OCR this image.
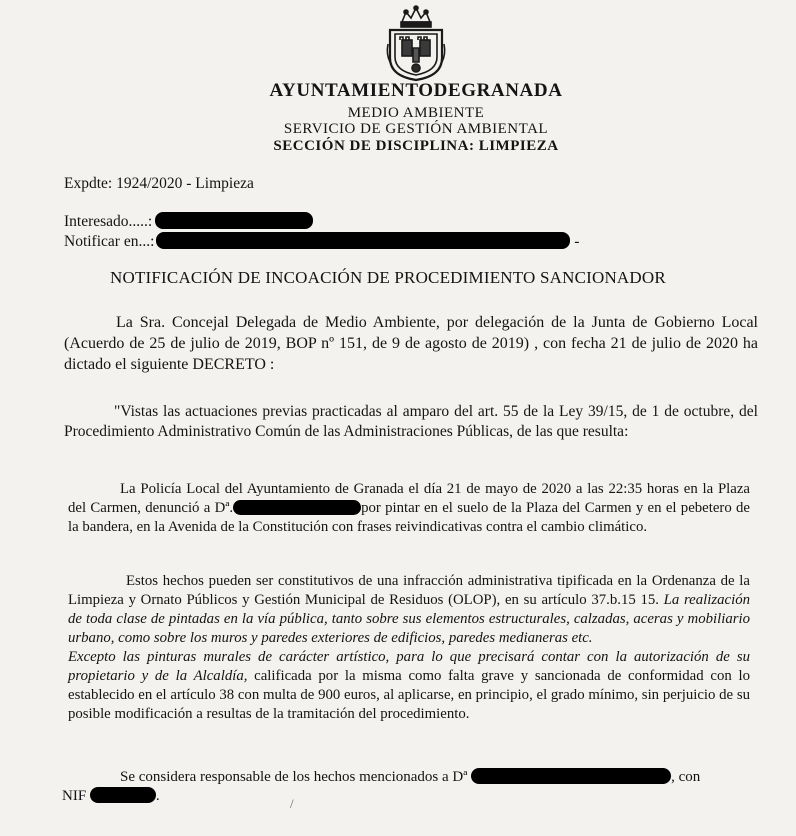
AYUNTAMIENTODEGRANADA
MEDIO AMBIENTE
SERVICIO DE GESTIÓN AMBIENTAL
SECCIÓN DE DISCIPLINA: LIMPIEZA
Expdte: 1924/2020 - Limpieza
Interesado.....:
Notificar en...:	-
NOTIFICACIÓN DE INCOACIÓN DE PROCEDIMIENTO SANCIONADOR
La Sra. Concejal Delegada de Medio Ambiente, por delegación de la Junta de Gobierno Local (Acuerdo de 25 de julio de 2019, BOP nº 151, de 9 de agosto de 2019) , con fecha 21 de julio de 2020 ha dictado el siguiente DECRETO :
"Vistas las actuaciones previas practicadas al amparo del art. 55 de la Ley 39/15, de 1 de octubre, del Procedimiento Administrativo Común de las Administraciones Públicas, de las que resulta:
La Policía Local del Ayuntamiento de Granada el día 21 de mayo de 2020 a las 22:35 horas en la Plaza del Carmen, denunció a Dª.	por pintar en el suelo de la Plaza del Carmen y en el pebetero de la bandera, en la Avenida de la Constitución con frases reivindicativas contra el cambio climático.
Estos hechos pueden ser constitutivos de una infracción administrativa tipificada en la Ordenanza de la Limpieza y Ornato Públicos y Gestión Municipal de Residuos (OLOP), en su artículo 37.b.15 15. La realización de toda clase de pintadas en la vía pública, tanto sobre sus elementos estructurales, calzadas, aceras y mobiliario urbano, como sobre los muros y paredes exteriores de edificios, paredes medianeras etc.
Excepto las pinturas murales de carácter artístico, para lo que precisará contar con la autorización de su propietario y de la Alcaldía, calificada por la misma como falta grave y sancionada de conformidad con lo establecido en el artículo 38 con multa de 900 euros, al aplicarse, en principio, el grado mínimo, sin perjuicio de su posible modificación a resultas de la tramitación del procedimiento.
Se considera responsable de los hechos mencionados a Dª	, con
NIF	.	/
